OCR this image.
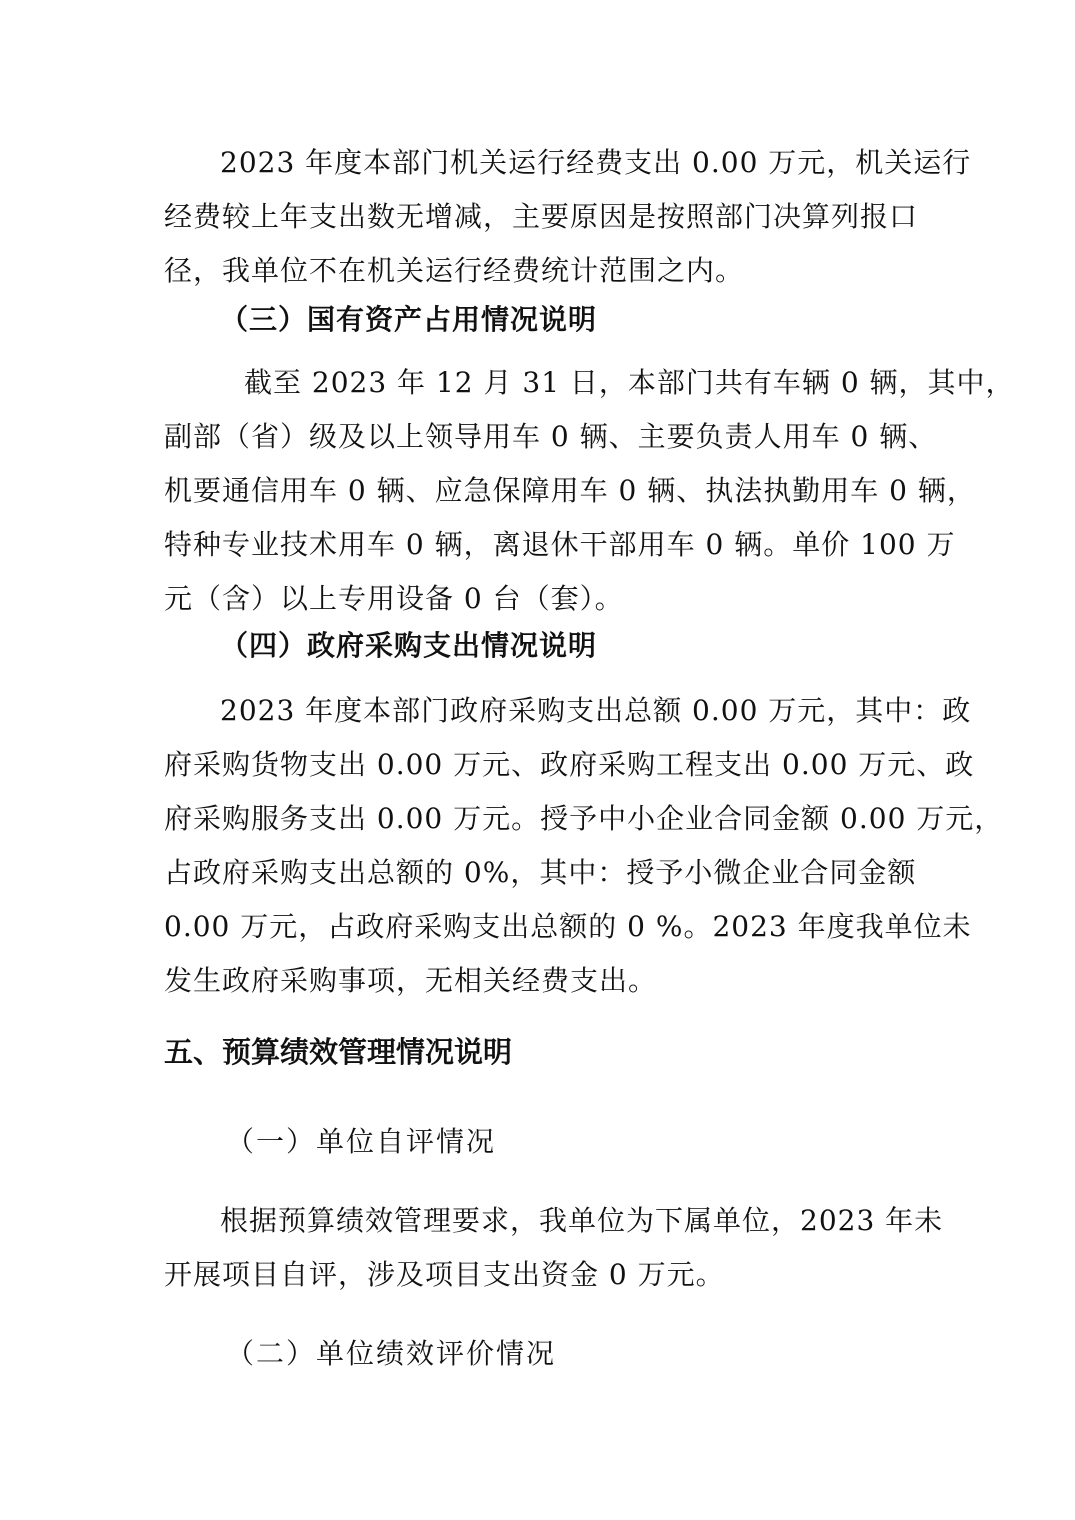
2023 年度本部门机关运行经费支出 0.00 万元，机关运行
经费较上年支出数无增减，主要原因是按照部门决算列报口
径，我单位不在机关运行经费统计范围之内。
（三）国有资产占用情况说明
截至 2023 年 12 月 31 日，本部门共有车辆 0 辆，其中，
副部（省）级及以上领导用车 0 辆、主要负责人用车 0 辆、
机要通信用车 0 辆、应急保障用车 0 辆、执法执勤用车 0 辆，
特种专业技术用车 0 辆，离退休干部用车 0 辆。单价 100 万
元（含）以上专用设备 0 台（套）。
（四）政府采购支出情况说明
2023 年度本部门政府采购支出总额 0.00 万元，其中：政
府采购货物支出 0.00 万元、政府采购工程支出 0.00 万元、政
府采购服务支出 0.00 万元。授予中小企业合同金额 0.00 万元，
占政府采购支出总额的 0%，其中：授予小微企业合同金额
0.00 万元，占政府采购支出总额的 0 %。2023 年度我单位未
发生政府采购事项，无相关经费支出。
五、预算绩效管理情况说明

（一）单位自评情况

根据预算绩效管理要求，我单位为下属单位，2023 年未
开展项目自评，涉及项目支出资金 0 万元。

（二）单位绩效评价情况
